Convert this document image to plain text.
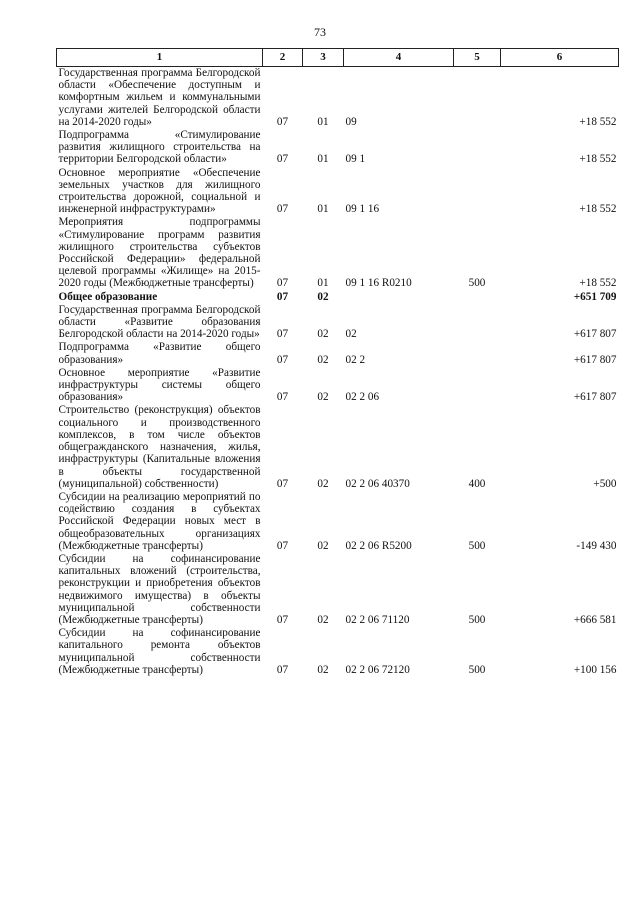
73
1	2	3	4	5	6
Государственная программа Белгородской области «Обеспечение доступным и комфортным жильем и коммунальными услугами жителей Белгородской области на 2014-2020 годы»	07	01	09		+18 552
Подпрограмма «Стимулирование развития жилищного строительства на территории Белгородской области»	07	01	09 1		+18 552
Основное мероприятие «Обеспечение земельных участков для жилищного строительства дорожной, социальной и инженерной инфраструктурами»	07	01	09 1 16		+18 552
Мероприятия подпрограммы «Стимулирование программ развития жилищного строительства субъектов Российской Федерации» федеральной целевой программы «Жилище» на 2015-2020 годы (Межбюджетные трансферты)	07	01	09 1 16 R0210	500	+18 552
Общее образование	07	02			+651 709
Государственная программа Белгородской области «Развитие образования Белгородской области на 2014-2020 годы»	07	02	02		+617 807
Подпрограмма «Развитие общего образования»	07	02	02 2		+617 807
Основное мероприятие «Развитие инфраструктуры системы общего образования»	07	02	02 2 06		+617 807
Строительство (реконструкция) объектов социального и производственного комплексов, в том числе объектов общегражданского назначения, жилья, инфраструктуры (Капитальные вложения в объекты государственной (муниципальной) собственности)	07	02	02 2 06 40370	400	+500
Субсидии на реализацию мероприятий по содействию создания в субъектах Российской Федерации новых мест в общеобразовательных организациях (Межбюджетные трансферты)	07	02	02 2 06 R5200	500	-149 430
Субсидии на софинансирование капитальных вложений (строительства, реконструкции и приобретения объектов недвижимого имущества) в объекты муниципальной собственности (Межбюджетные трансферты)	07	02	02 2 06 71120	500	+666 581
Субсидии на софинансирование капитального ремонта объектов муниципальной собственности (Межбюджетные трансферты)	07	02	02 2 06 72120	500	+100 156
